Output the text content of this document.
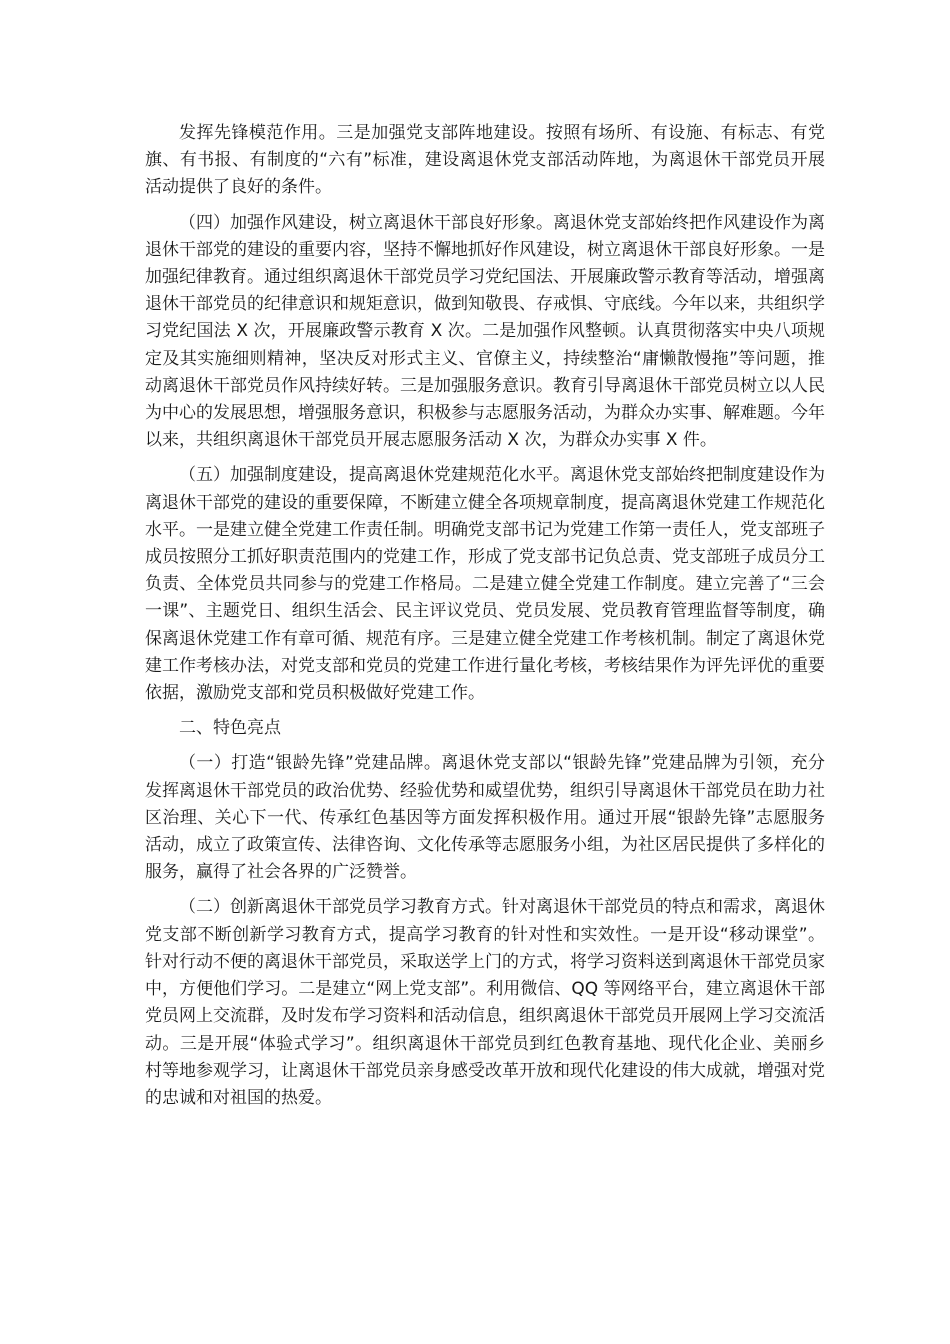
发挥先锋模范作用。三是加强党支部阵地建设。按照有场所、有设施、有标志、有党旗、有书报、有制度的“六有”标准，建设离退休党支部活动阵地，为离退休干部党员开展活动提供了良好的条件。

（四）加强作风建设，树立离退休干部良好形象。离退休党支部始终把作风建设作为离退休干部党的建设的重要内容，坚持不懈地抓好作风建设，树立离退休干部良好形象。一是加强纪律教育。通过组织离退休干部党员学习党纪国法、开展廉政警示教育等活动，增强离退休干部党员的纪律意识和规矩意识，做到知敬畏、存戒惧、守底线。今年以来，共组织学习党纪国法 X 次，开展廉政警示教育 X 次。二是加强作风整顿。认真贯彻落实中央八项规定及其实施细则精神，坚决反对形式主义、官僚主义，持续整治“庸懒散慢拖”等问题，推动离退休干部党员作风持续好转。三是加强服务意识。教育引导离退休干部党员树立以人民为中心的发展思想，增强服务意识，积极参与志愿服务活动，为群众办实事、解难题。今年以来，共组织离退休干部党员开展志愿服务活动 X 次，为群众办实事 X 件。

（五）加强制度建设，提高离退休党建规范化水平。离退休党支部始终把制度建设作为离退休干部党的建设的重要保障，不断建立健全各项规章制度，提高离退休党建工作规范化水平。一是建立健全党建工作责任制。明确党支部书记为党建工作第一责任人，党支部班子成员按照分工抓好职责范围内的党建工作，形成了党支部书记负总责、党支部班子成员分工负责、全体党员共同参与的党建工作格局。二是建立健全党建工作制度。建立完善了“三会一课”、主题党日、组织生活会、民主评议党员、党员发展、党员教育管理监督等制度，确保离退休党建工作有章可循、规范有序。三是建立健全党建工作考核机制。制定了离退休党建工作考核办法，对党支部和党员的党建工作进行量化考核，考核结果作为评先评优的重要依据，激励党支部和党员积极做好党建工作。

二、特色亮点

（一）打造“银龄先锋”党建品牌。离退休党支部以“银龄先锋”党建品牌为引领，充分发挥离退休干部党员的政治优势、经验优势和威望优势，组织引导离退休干部党员在助力社区治理、关心下一代、传承红色基因等方面发挥积极作用。通过开展“银龄先锋”志愿服务活动，成立了政策宣传、法律咨询、文化传承等志愿服务小组，为社区居民提供了多样化的服务，赢得了社会各界的广泛赞誉。

（二）创新离退休干部党员学习教育方式。针对离退休干部党员的特点和需求，离退休党支部不断创新学习教育方式，提高学习教育的针对性和实效性。一是开设“移动课堂”。针对行动不便的离退休干部党员，采取送学上门的方式，将学习资料送到离退休干部党员家中，方便他们学习。二是建立“网上党支部”。利用微信、QQ 等网络平台，建立离退休干部党员网上交流群，及时发布学习资料和活动信息，组织离退休干部党员开展网上学习交流活动。三是开展“体验式学习”。组织离退休干部党员到红色教育基地、现代化企业、美丽乡村等地参观学习，让离退休干部党员亲身感受改革开放和现代化建设的伟大成就，增强对党的忠诚和对祖国的热爱。
